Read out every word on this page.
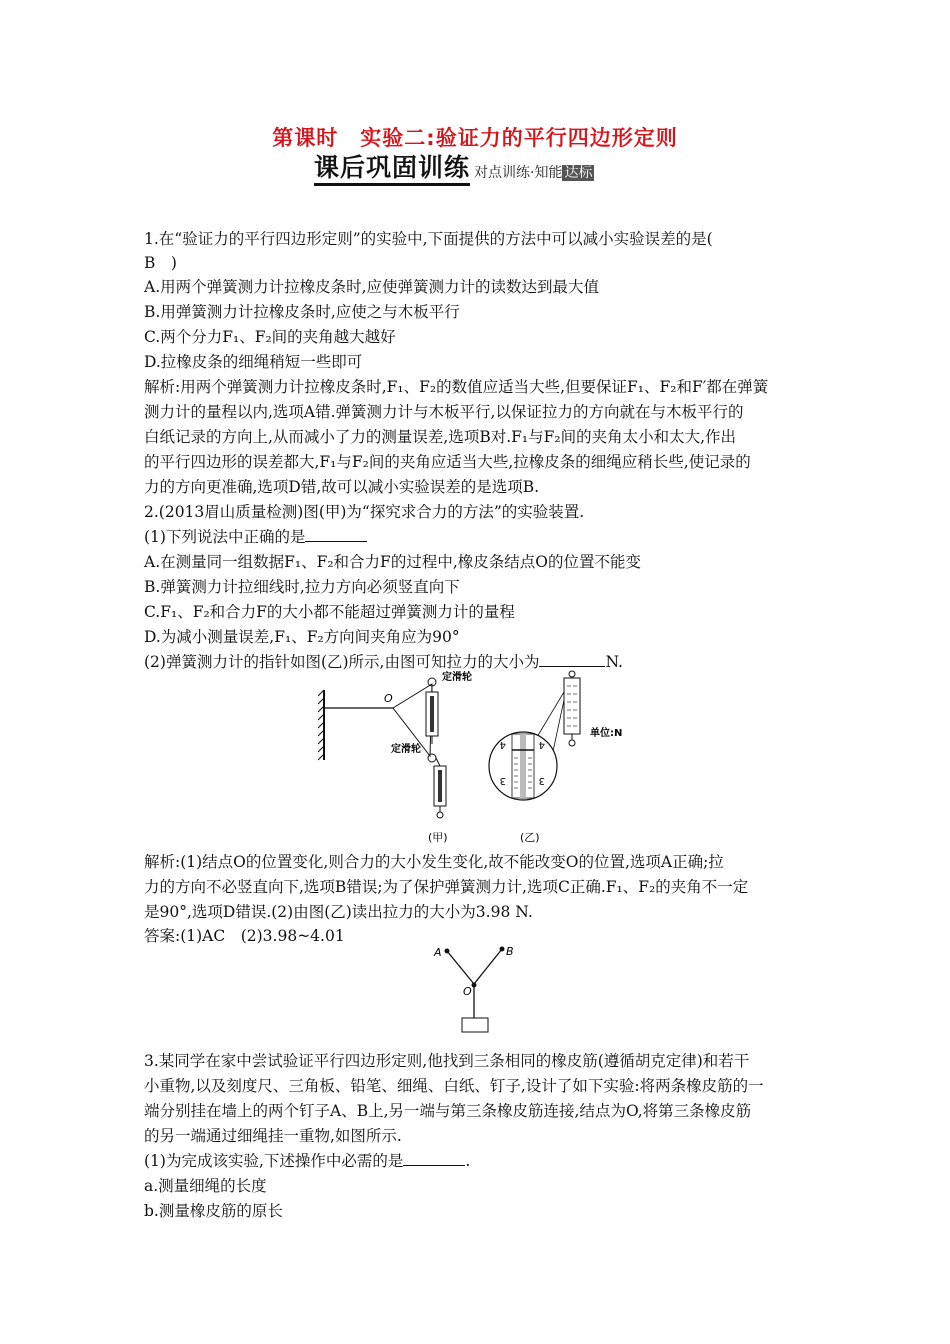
第课时　实验二:验证力的平行四边形定则
课后巩固训练 对点训练·知能 达标
1.在“验证力的平行四边形定则”的实验中,下面提供的方法中可以减小实验误差的是(
B　)
A.用两个弹簧测力计拉橡皮条时,应使弹簧测力计的读数达到最大值
B.用弹簧测力计拉橡皮条时,应使之与木板平行
C.两个分力F₁、F₂间的夹角越大越好
D.拉橡皮条的细绳稍短一些即可
解析:用两个弹簧测力计拉橡皮条时,F₁、F₂的数值应适当大些,但要保证F₁、F₂和F′都在弹簧
测力计的量程以内,选项A错.弹簧测力计与木板平行,以保证拉力的方向就在与木板平行的
白纸记录的方向上,从而减小了力的测量误差,选项B对.F₁与F₂间的夹角太小和太大,作出
的平行四边形的误差都大,F₁与F₂间的夹角应适当大些,拉橡皮条的细绳应稍长些,使记录的
力的方向更准确,选项D错,故可以减小实验误差的是选项B.
2.(2013眉山质量检测)图(甲)为“探究求合力的方法”的实验装置.
(1)下列说法中正确的是
A.在测量同一组数据F₁、F₂和合力F的过程中,橡皮条结点O的位置不能变
B.弹簧测力计拉细线时,拉力方向必须竖直向下
C.F₁、F₂和合力F的大小都不能超过弹簧测力计的量程
D.为减小测量误差,F₁、F₂方向间夹角应为90°
(2)弹簧测力计的指针如图(乙)所示,由图可知拉力的大小为	N.
O
定滑轮
定滑轮
(甲)
单位:N
4
3
4
3
(乙)
解析:(1)结点O的位置变化,则合力的大小发生变化,故不能改变O的位置,选项A正确;拉
力的方向不必竖直向下,选项B错误;为了保护弹簧测力计,选项C正确.F₁、F₂的夹角不一定
是90°,选项D错误.(2)由图(乙)读出拉力的大小为3.98 N.
答案:(1)AC　(2)3.98~4.01
A	B
O
3.某同学在家中尝试验证平行四边形定则,他找到三条相同的橡皮筋(遵循胡克定律)和若干
小重物,以及刻度尺、三角板、铅笔、细绳、白纸、钉子,设计了如下实验:将两条橡皮筋的一
端分别挂在墙上的两个钉子A、B上,另一端与第三条橡皮筋连接,结点为O,将第三条橡皮筋
的另一端通过细绳挂一重物,如图所示.
(1)为完成该实验,下述操作中必需的是	.
a.测量细绳的长度
b.测量橡皮筋的原长
